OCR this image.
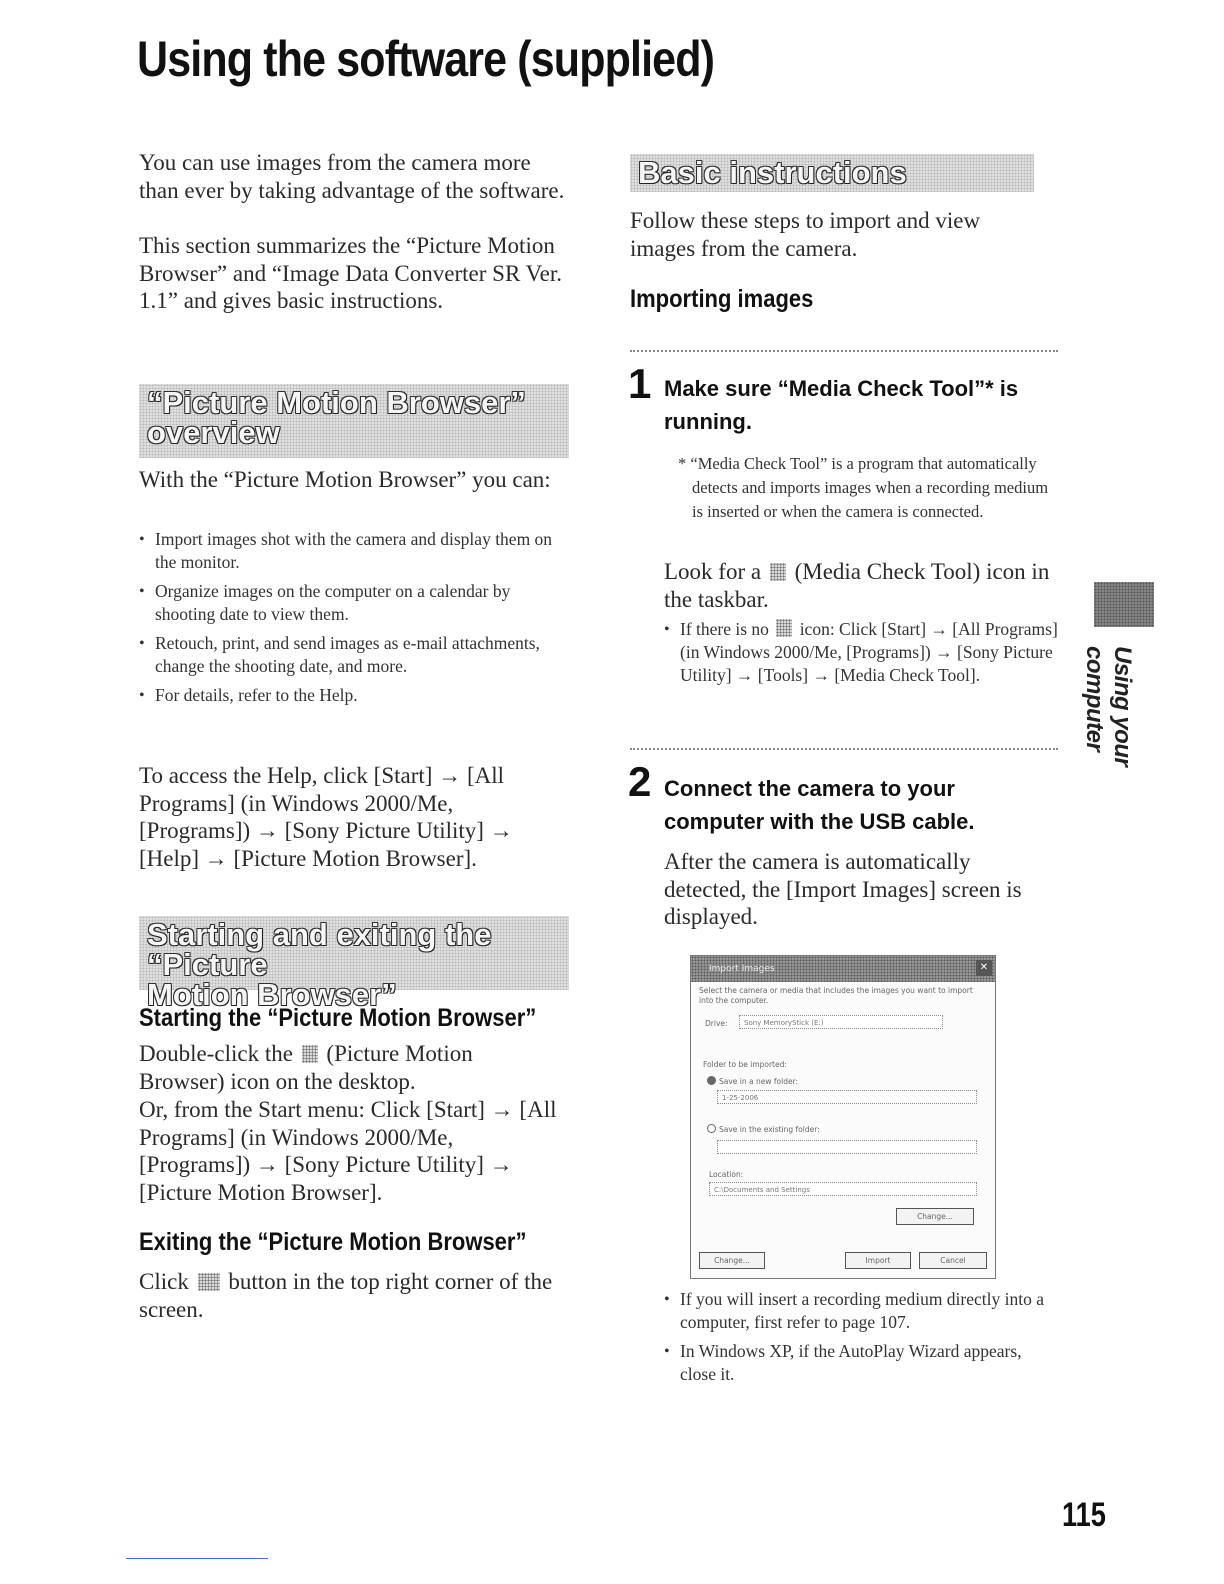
Using the software (supplied)

You can use images from the camera more than ever by taking advantage of the software.

This section summarizes the “Picture Motion Browser” and “Image Data Converter SR Ver. 1.1” and gives basic instructions.

“Picture Motion Browser”
overview

With the “Picture Motion Browser” you can:

• Import images shot with the camera and display them on the monitor.
• Organize images on the computer on a calendar by shooting date to view them.
• Retouch, print, and send images as e-mail attachments, change the shooting date, and more.
• For details, refer to the Help.

To access the Help, click [Start] → [All Programs] (in Windows 2000/Me, [Programs]) → [Sony Picture Utility] → [Help] → [Picture Motion Browser].

Starting and exiting the “Picture
Motion Browser”
Starting the “Picture Motion Browser”

Double-click the (Picture Motion Browser) icon on the desktop.

Or, from the Start menu: Click [Start] → [All Programs] (in Windows 2000/Me, [Programs]) → [Sony Picture Utility] → [Picture Motion Browser].

Exiting the “Picture Motion Browser”

Click button in the top right corner of the screen.

Basic instructions

Follow these steps to import and view images from the camera.

Importing images
1 Make sure “Media Check Tool”* is running.

* “Media Check Tool” is a program that automatically detects and imports images when a recording medium is inserted or when the camera is connected.

Look for a (Media Check Tool) icon in the taskbar.

• If there is no icon: Click [Start] → [All Programs] (in Windows 2000/Me, [Programs]) → [Sony Picture Utility] → [Tools] → [Media Check Tool].
2 Connect the camera to your computer with the USB cable.

After the camera is automatically detected, the [Import Images] screen is displayed.

Import Images	✕
Select the camera or media that includes the images you want to import
into the computer.
Drive:	Sony MemoryStick (E:)
Folder to be imported:
Save in a new folder:
1-25-2006
Save in the existing folder:
Location:
C:\Documents and Settings
Change...
Change...	Import	Cancel
• If you will insert a recording medium directly into a computer, first refer to page 107.
• In Windows XP, if the AutoPlay Wizard appears, close it.
Using your computer
115
